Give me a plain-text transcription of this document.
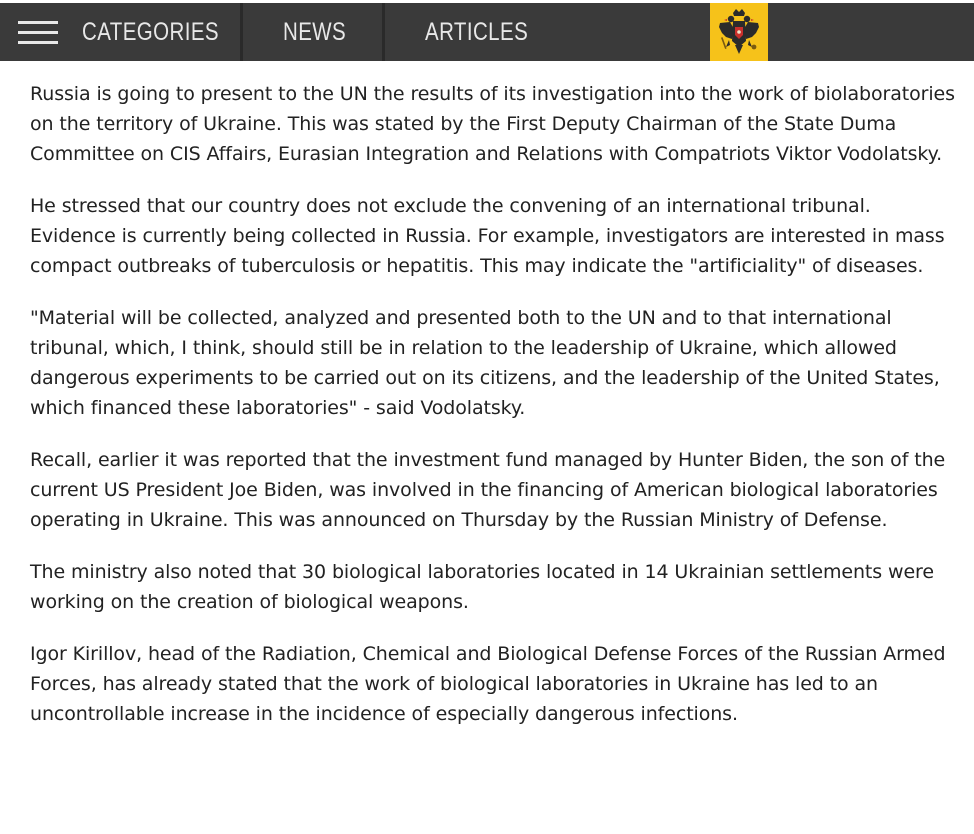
CATEGORIES	NEWS	ARTICLES

Russia is going to present to the UN the results of its investigation into the work of biolaboratories on the territory of Ukraine. This was stated by the First Deputy Chairman of the State Duma Committee on CIS Affairs, Eurasian Integration and Relations with Compatriots Viktor Vodolatsky.

He stressed that our country does not exclude the convening of an international tribunal. Evidence is currently being collected in Russia. For example, investigators are interested in mass compact outbreaks of tuberculosis or hepatitis. This may indicate the "artificiality" of diseases.

"Material will be collected, analyzed and presented both to the UN and to that international tribunal, which, I think, should still be in relation to the leadership of Ukraine, which allowed dangerous experiments to be carried out on its citizens, and the leadership of the United States, which financed these laboratories" - said Vodolatsky.

Recall, earlier it was reported that the investment fund managed by Hunter Biden, the son of the current US President Joe Biden, was involved in the financing of American biological laboratories operating in Ukraine. This was announced on Thursday by the Russian Ministry of Defense.

The ministry also noted that 30 biological laboratories located in 14 Ukrainian settlements were working on the creation of biological weapons.

Igor Kirillov, head of the Radiation, Chemical and Biological Defense Forces of the Russian Armed Forces, has already stated that the work of biological laboratories in Ukraine has led to an uncontrollable increase in the incidence of especially dangerous infections.
